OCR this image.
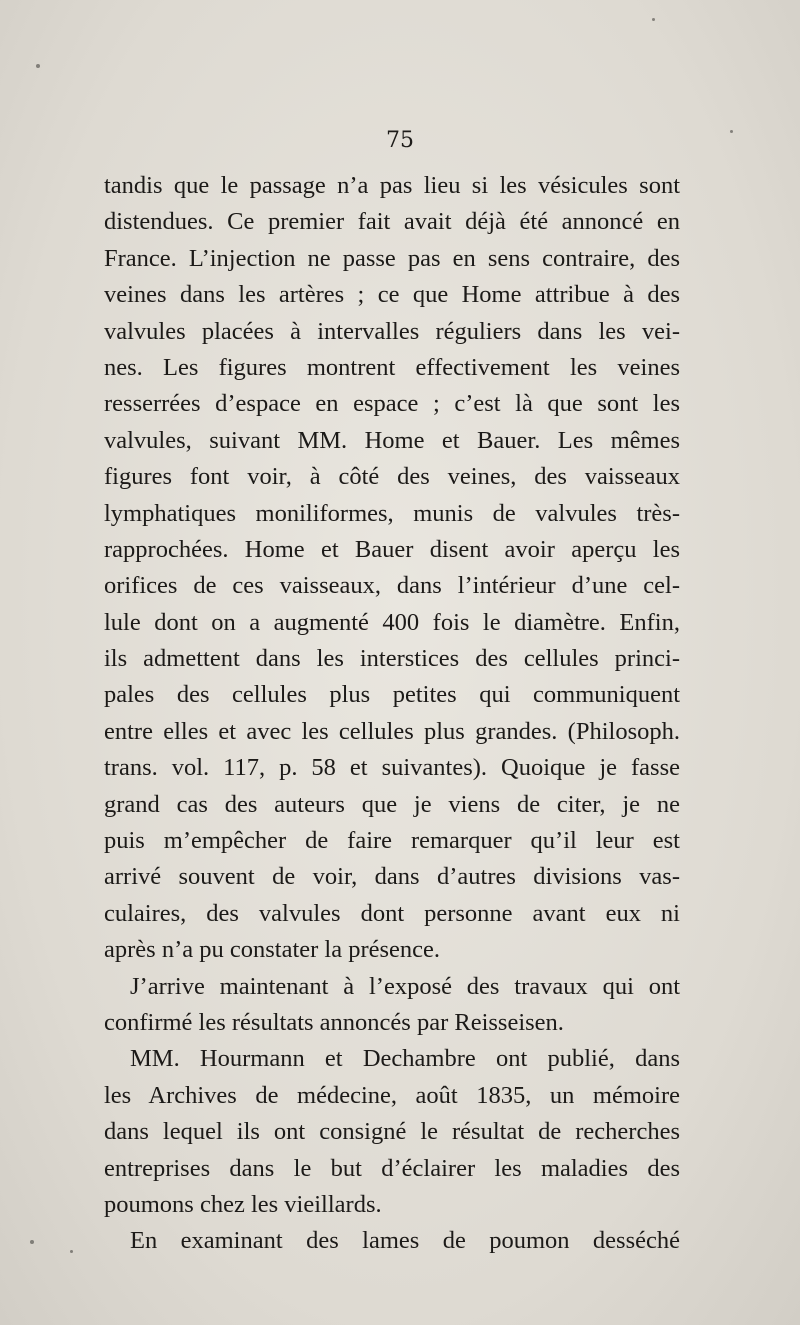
75
tandis que le passage n’a pas lieu si les vésicules sont
distendues. Ce premier fait avait déjà été annoncé en
France. L’injection ne passe pas en sens contraire, des
veines dans les artères ; ce que Home attribue à des
valvules placées à intervalles réguliers dans les vei-
nes. Les figures montrent effectivement les veines
resserrées d’espace en espace ; c’est là que sont les
valvules, suivant MM. Home et Bauer. Les mêmes
figures font voir, à côté des veines, des vaisseaux
lymphatiques moniliformes, munis de valvules très-
rapprochées. Home et Bauer disent avoir aperçu les
orifices de ces vaisseaux, dans l’intérieur d’une cel-
lule dont on a augmenté 400 fois le diamètre. Enfin,
ils admettent dans les interstices des cellules princi-
pales des cellules plus petites qui communiquent
entre elles et avec les cellules plus grandes. (Philosoph.
trans. vol. 117, p. 58 et suivantes). Quoique je fasse
grand cas des auteurs que je viens de citer, je ne
puis m’empêcher de faire remarquer qu’il leur est
arrivé souvent de voir, dans d’autres divisions vas-
culaires, des valvules dont personne avant eux ni
après n’a pu constater la présence.
J’arrive maintenant à l’exposé des travaux qui ont
confirmé les résultats annoncés par Reisseisen.
MM. Hourmann et Dechambre ont publié, dans
les Archives de médecine, août 1835, un mémoire
dans lequel ils ont consigné le résultat de recherches
entreprises dans le but d’éclairer les maladies des
poumons chez les vieillards.
En examinant des lames de poumon desséché
